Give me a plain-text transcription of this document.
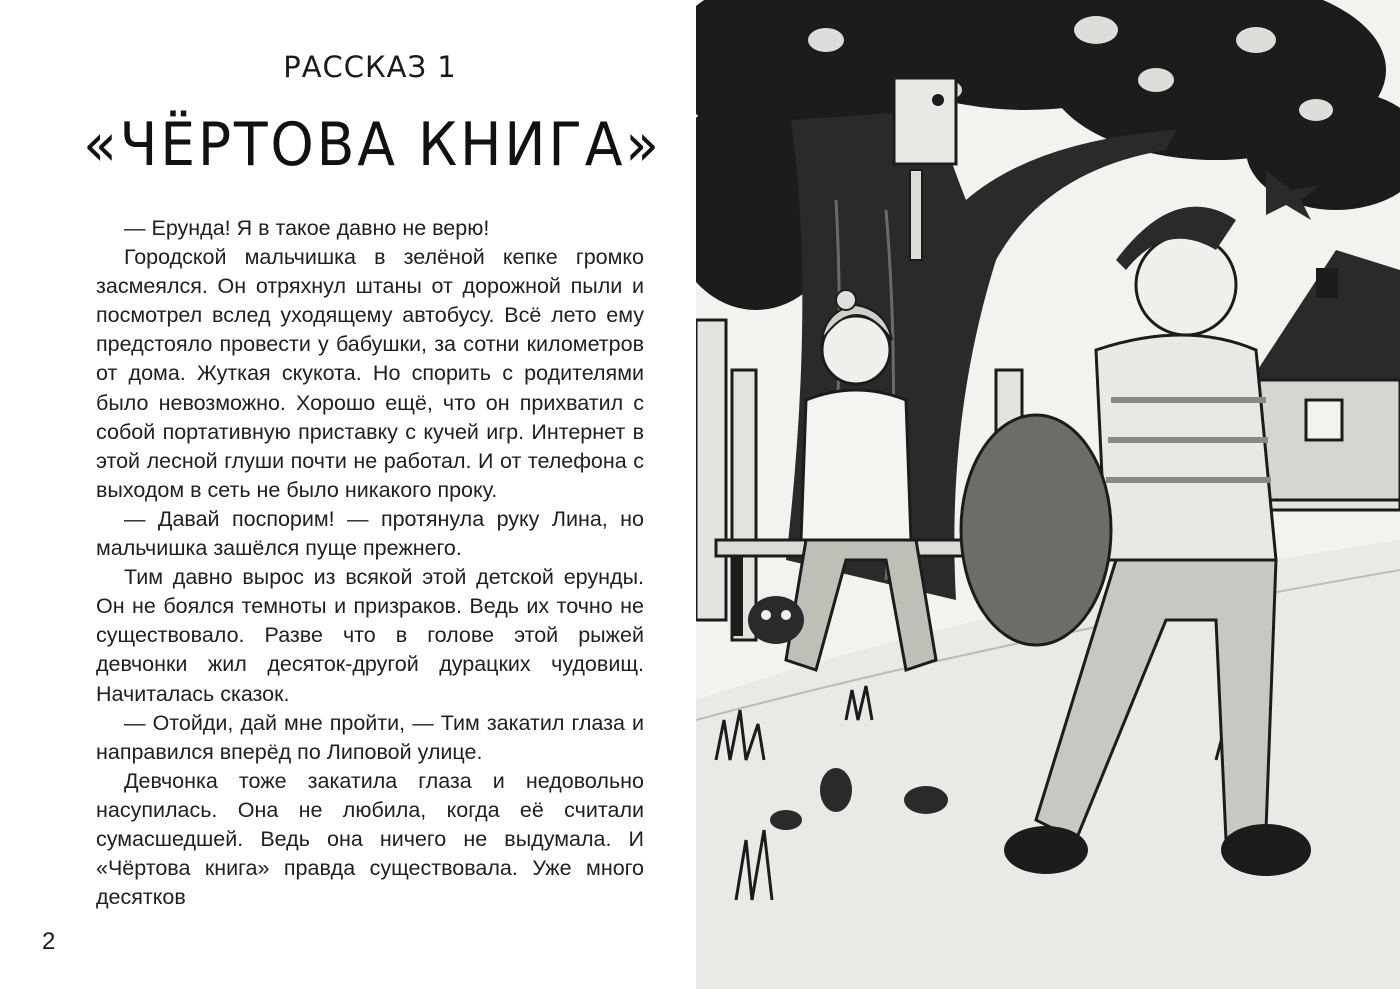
РАССКАЗ 1
«ЧЁРТОВА КНИГА»

— Ерунда! Я в такое давно не верю!

Городской мальчишка в зелёной кепке громко засмеялся. Он отряхнул штаны от дорожной пыли и посмотрел вслед уходящему автобусу. Всё лето ему предстояло провести у бабушки, за сотни километров от дома. Жуткая скукота. Но спорить с родителями было невозможно. Хорошо ещё, что он прихватил с собой портативную приставку с кучей игр. Интернет в этой лесной глуши почти не работал. И от телефона с выходом в сеть не было никакого проку.

— Давай поспорим! — протянула руку Лина, но мальчишка зашёлся пуще прежнего.

Тим давно вырос из всякой этой детской ерунды. Он не боялся темноты и призраков. Ведь их точно не существовало. Разве что в голове этой рыжей девчонки жил десяток-другой дурацких чудовищ. Начиталась сказок.

— Отойди, дай мне пройти, — Тим закатил глаза и направился вперёд по Липовой улице.

Девчонка тоже закатила глаза и недовольно насупилась. Она не любила, когда её считали сумасшедшей. Ведь она ничего не выдумала. И «Чёртова книга» правда существовала. Уже много десятков

2
